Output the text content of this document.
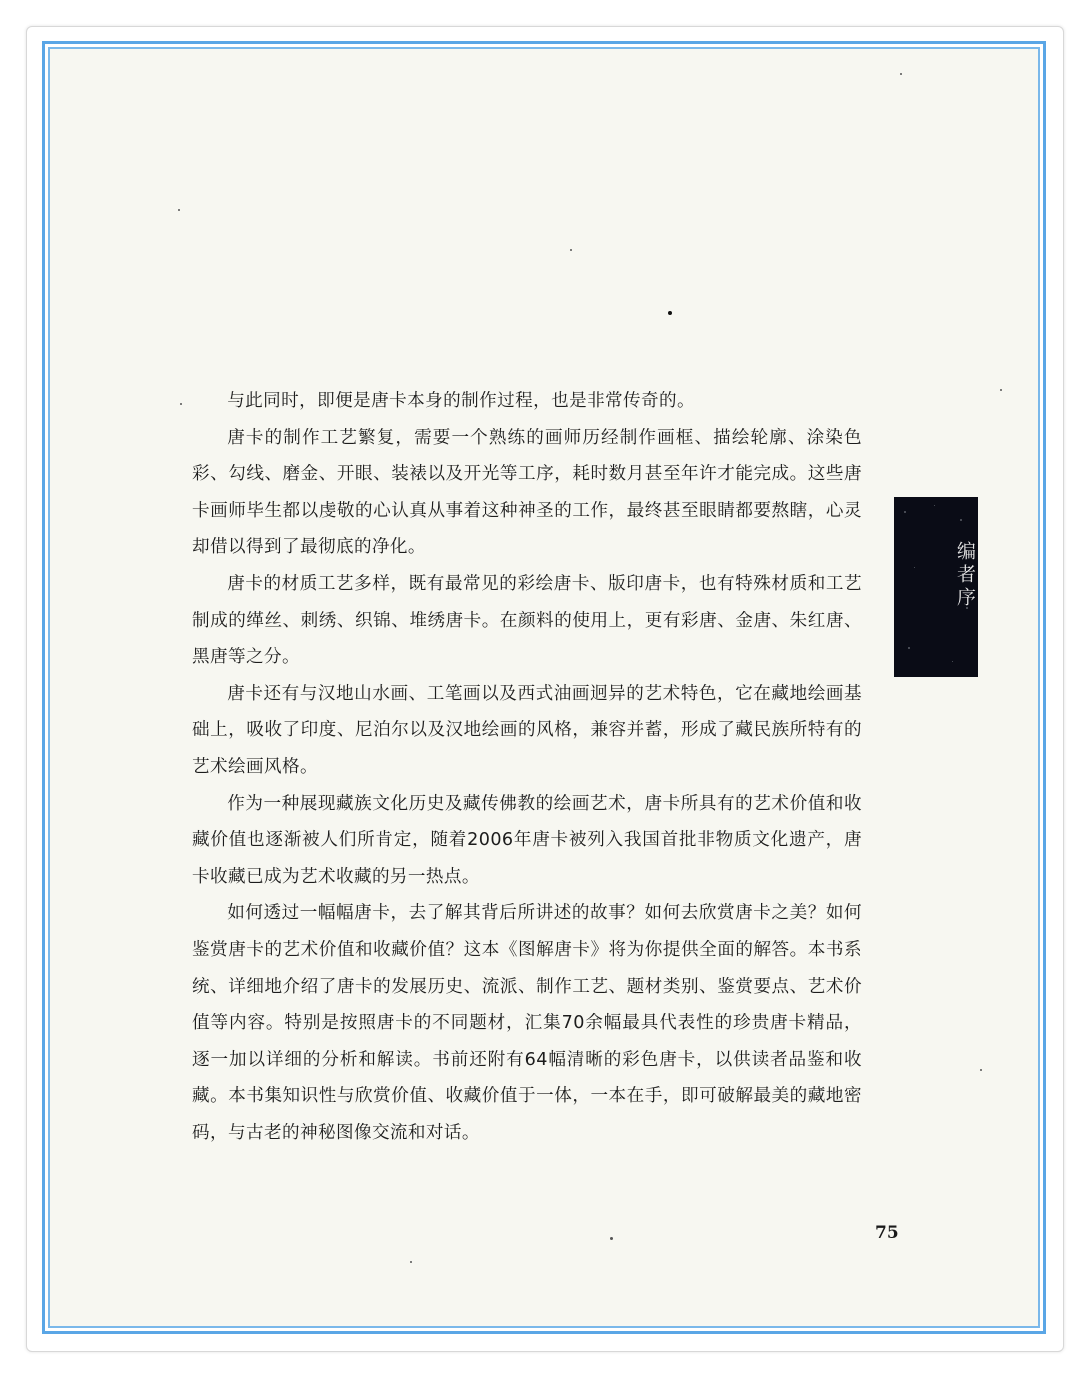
与此同时，即便是唐卡本身的制作过程，也是非常传奇的。

唐卡的制作工艺繁复，需要一个熟练的画师历经制作画框、描绘轮廓、涂染色彩、勾线、磨金、开眼、装裱以及开光等工序，耗时数月甚至年许才能完成。这些唐卡画师毕生都以虔敬的心认真从事着这种神圣的工作，最终甚至眼睛都要熬瞎，心灵却借以得到了最彻底的净化。

唐卡的材质工艺多样，既有最常见的彩绘唐卡、版印唐卡，也有特殊材质和工艺制成的缂丝、刺绣、织锦、堆绣唐卡。在颜料的使用上，更有彩唐、金唐、朱红唐、黑唐等之分。

唐卡还有与汉地山水画、工笔画以及西式油画迥异的艺术特色，它在藏地绘画基础上，吸收了印度、尼泊尔以及汉地绘画的风格，兼容并蓄，形成了藏民族所特有的艺术绘画风格。

作为一种展现藏族文化历史及藏传佛教的绘画艺术，唐卡所具有的艺术价值和收藏价值也逐渐被人们所肯定，随着2006年唐卡被列入我国首批非物质文化遗产，唐卡收藏已成为艺术收藏的另一热点。

如何透过一幅幅唐卡，去了解其背后所讲述的故事？如何去欣赏唐卡之美？如何鉴赏唐卡的艺术价值和收藏价值？这本《图解唐卡》将为你提供全面的解答。本书系统、详细地介绍了唐卡的发展历史、流派、制作工艺、题材类别、鉴赏要点、艺术价值等内容。特别是按照唐卡的不同题材，汇集70余幅最具代表性的珍贵唐卡精品，逐一加以详细的分析和解读。书前还附有64幅清晰的彩色唐卡，以供读者品鉴和收藏。本书集知识性与欣赏价值、收藏价值于一体，一本在手，即可破解最美的藏地密码，与古老的神秘图像交流和对话。

编者序
75
